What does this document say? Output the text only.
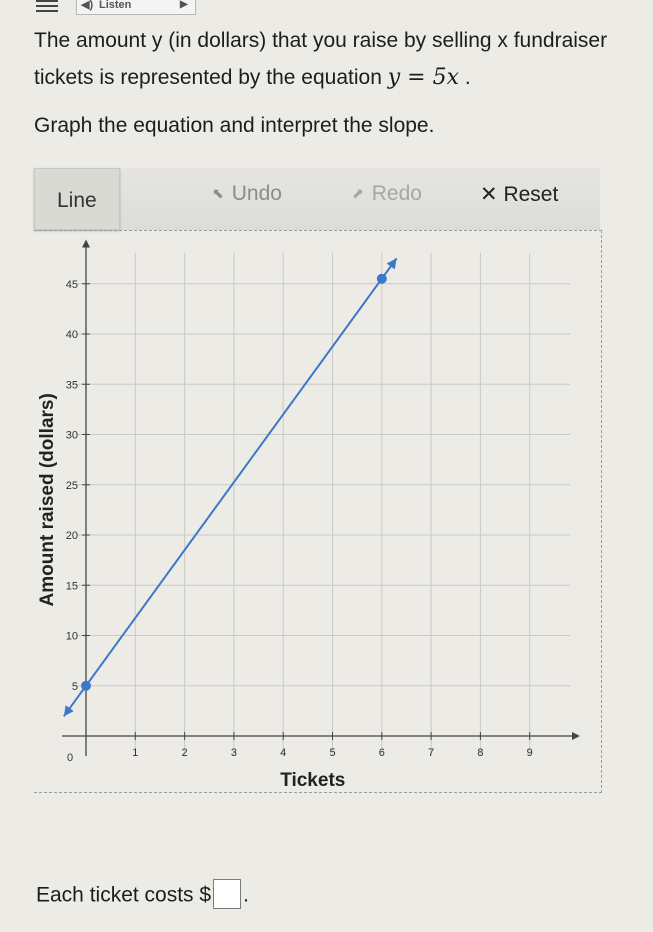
◀) Listen	▶
The amount y (in dollars) that you raise by selling x fundraiser
tickets is represented by the equation y = 5x .
Graph the equation and interpret the slope.
Line	⬉ Undo	⬈ Redo	✕ Reset
1	2	3	4	5	6	7	8	9
5
10
15
20
25
30
35
40
45
0
Tickets
Amount raised (dollars)
Each ticket costs $ .
